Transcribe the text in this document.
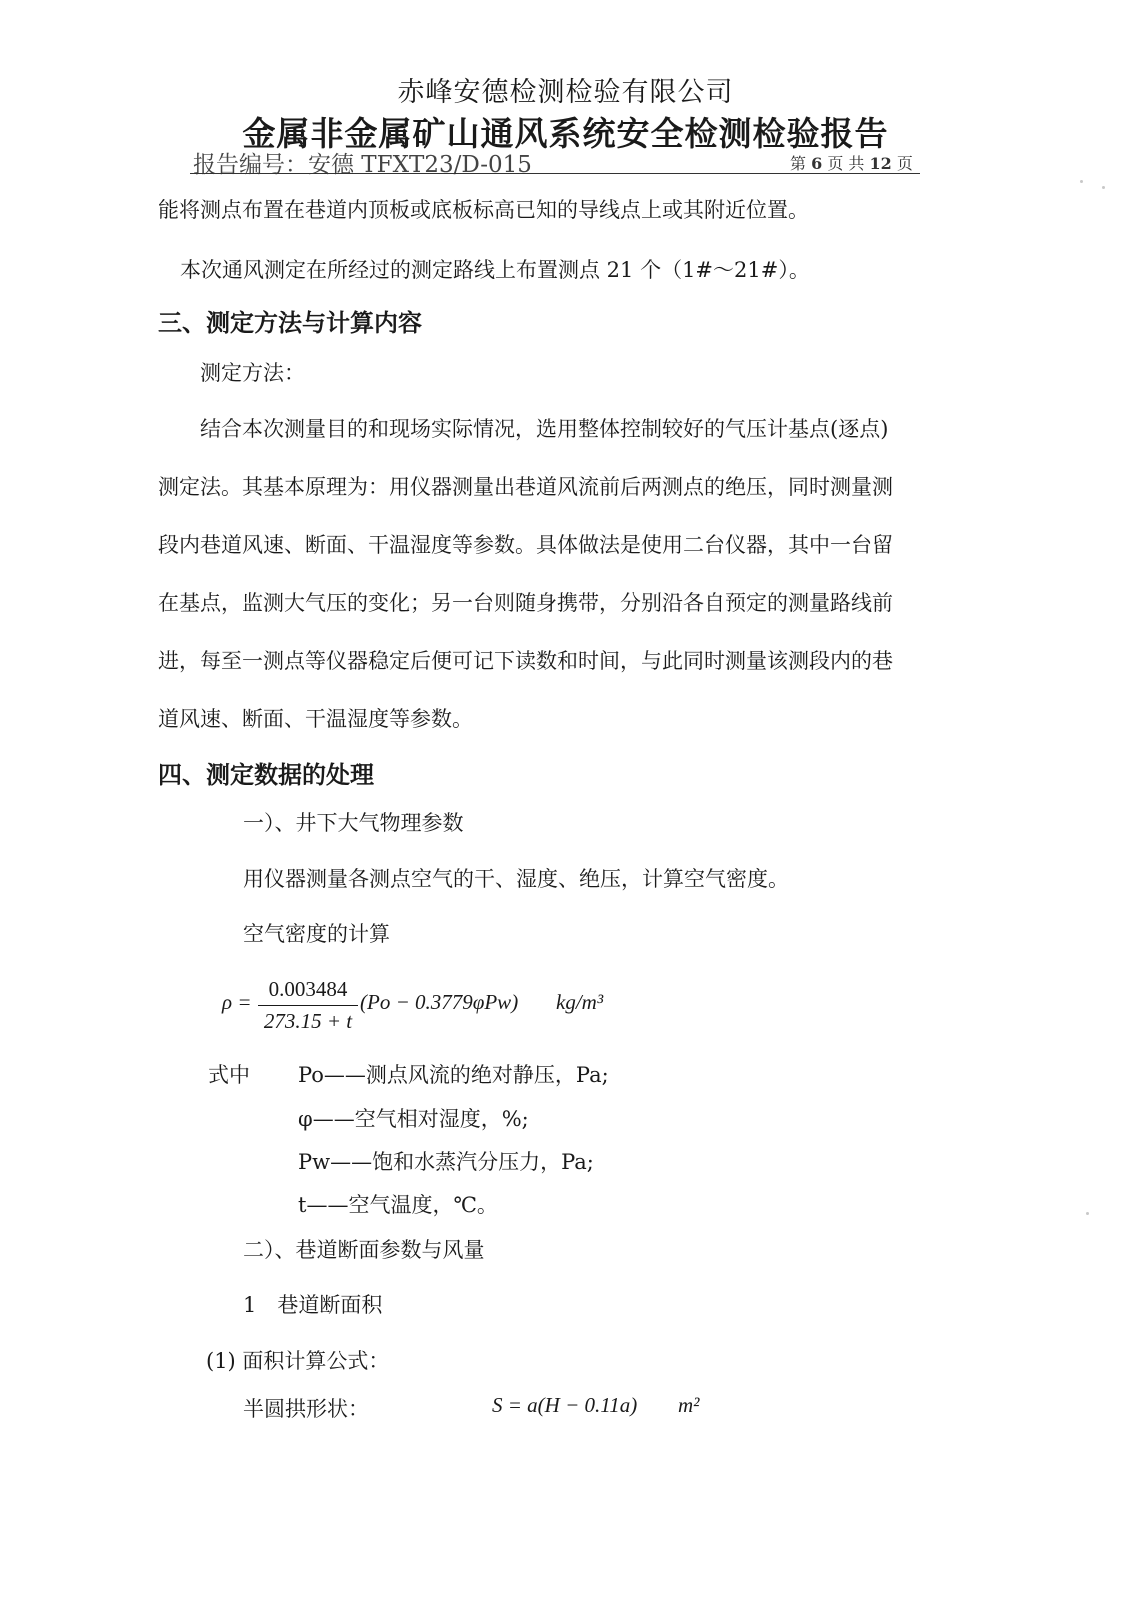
赤峰安德检测检验有限公司
金属非金属矿山通风系统安全检测检验报告
报告编号：安德 TFXT23/D-015	第 6 页 共 12 页
能将测点布置在巷道内顶板或底板标高已知的导线点上或其附近位置。
本次通风测定在所经过的测定路线上布置测点 21 个（1#～21#）。
三、测定方法与计算内容
测定方法：
结合本次测量目的和现场实际情况，选用整体控制较好的气压计基点(逐点)
测定法。其基本原理为：用仪器测量出巷道风流前后两测点的绝压，同时测量测
段内巷道风速、断面、干温湿度等参数。具体做法是使用二台仪器，其中一台留
在基点，监测大气压的变化；另一台则随身携带，分别沿各自预定的测量路线前
进，每至一测点等仪器稳定后便可记下读数和时间，与此同时测量该测段内的巷
道风速、断面、干温湿度等参数。
四、测定数据的处理
一）、井下大气物理参数
用仪器测量各测点空气的干、湿度、绝压，计算空气密度。
空气密度的计算
ρ =
0.003484
273.15 + t
(Po − 0.3779φPw) kg/m³
式中 Po——测点风流的绝对静压，Pa;
φ——空气相对湿度，%;
Pw——饱和水蒸汽分压力，Pa;
t——空气温度，℃。
二）、巷道断面参数与风量
1　巷道断面积
(1) 面积计算公式：
半圆拱形状：	S = a(H − 0.11a) m²
